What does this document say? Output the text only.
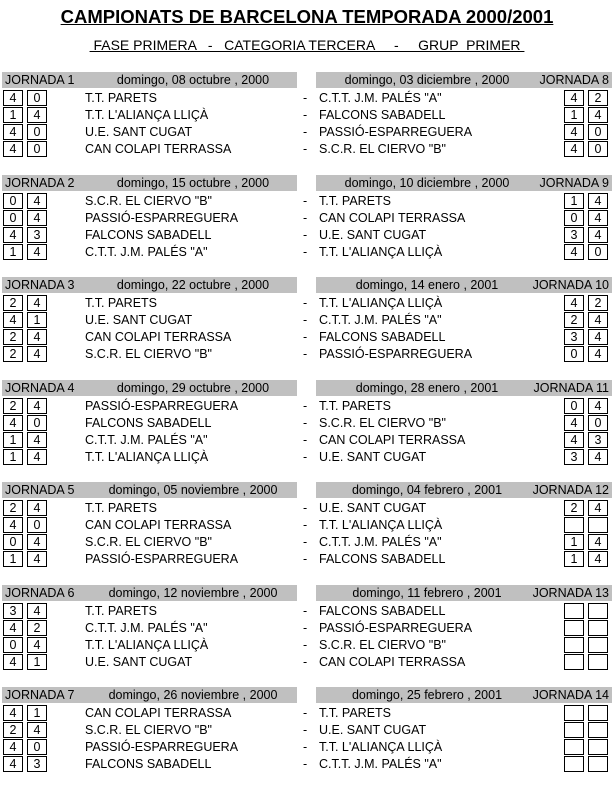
CAMPIONATS DE BARCELONA TEMPORADA 2000/2001
FASE PRIMERA   -   CATEGORIA TERCERA     -     GRUP  PRIMER
JORNADA 1	domingo, 08 octubre , 2000	domingo, 03 diciembre , 2000	JORNADA 8
4	0	T.T. PARETS	- C.T.T. J.M. PALÉS "A"	4	2
1	4	T.T. L'ALIANÇA LLIÇÀ	- FALCONS SABADELL	1	4
4	0	U.E. SANT CUGAT	- PASSIÓ-ESPARREGUERA	4	0
4	0	CAN COLAPI TERRASSA	- S.C.R. EL CIERVO "B"	4	0
JORNADA 2	domingo, 15 octubre , 2000	domingo, 10 diciembre , 2000	JORNADA 9
0	4	S.C.R. EL CIERVO "B"	- T.T. PARETS	1	4
0	4	PASSIÓ-ESPARREGUERA	- CAN COLAPI TERRASSA	0	4
4	3	FALCONS SABADELL	- U.E. SANT CUGAT	3	4
1	4	C.T.T. J.M. PALÉS "A"	- T.T. L'ALIANÇA LLIÇÀ	4	0
JORNADA 3	domingo, 22 octubre , 2000	domingo, 14 enero , 2001	JORNADA 10
2	4	T.T. PARETS	- T.T. L'ALIANÇA LLIÇÀ	4	2
4	1	U.E. SANT CUGAT	- C.T.T. J.M. PALÉS "A"	2	4
2	4	CAN COLAPI TERRASSA	- FALCONS SABADELL	3	4
2	4	S.C.R. EL CIERVO "B"	- PASSIÓ-ESPARREGUERA	0	4
JORNADA 4	domingo, 29 octubre , 2000	domingo, 28 enero , 2001	JORNADA 11
2	4	PASSIÓ-ESPARREGUERA	- T.T. PARETS	0	4
4	0	FALCONS SABADELL	- S.C.R. EL CIERVO "B"	4	0
1	4	C.T.T. J.M. PALÉS "A"	- CAN COLAPI TERRASSA	4	3
1	4	T.T. L'ALIANÇA LLIÇÀ	- U.E. SANT CUGAT	3	4
JORNADA 5	domingo, 05 noviembre , 2000	domingo, 04 febrero , 2001	JORNADA 12
2	4	T.T. PARETS	- U.E. SANT CUGAT	2	4
4	0	CAN COLAPI TERRASSA	- T.T. L'ALIANÇA LLIÇÀ
0	4	S.C.R. EL CIERVO "B"	- C.T.T. J.M. PALÉS "A"	1	4
1	4	PASSIÓ-ESPARREGUERA	- FALCONS SABADELL	1	4
JORNADA 6	domingo, 12 noviembre , 2000	domingo, 11 febrero , 2001	JORNADA 13
3	4	T.T. PARETS	- FALCONS SABADELL
4	2	C.T.T. J.M. PALÉS "A"	- PASSIÓ-ESPARREGUERA
0	4	T.T. L'ALIANÇA LLIÇÀ	- S.C.R. EL CIERVO "B"
4	1	U.E. SANT CUGAT	- CAN COLAPI TERRASSA
JORNADA 7	domingo, 26 noviembre , 2000	domingo, 25 febrero , 2001	JORNADA 14
4	1	CAN COLAPI TERRASSA	- T.T. PARETS
2	4	S.C.R. EL CIERVO "B"	- U.E. SANT CUGAT
4	0	PASSIÓ-ESPARREGUERA	- T.T. L'ALIANÇA LLIÇÀ
4	3	FALCONS SABADELL	- C.T.T. J.M. PALÉS "A"
